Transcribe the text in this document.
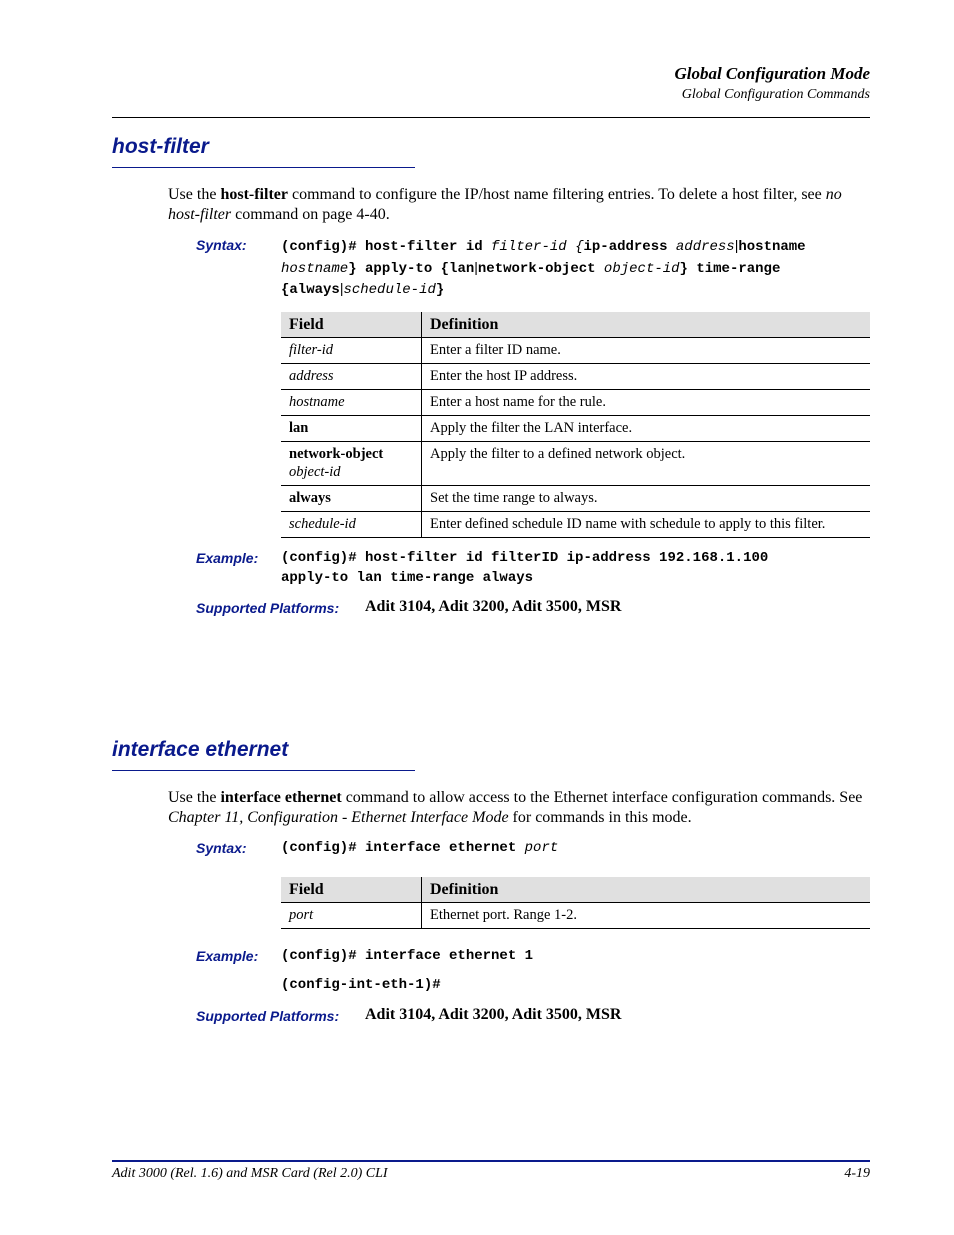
Global Configuration Mode
Global Configuration Commands
host-filter
Use the host-filter command to configure the IP/host name filtering entries. To delete a host filter, see no host-filter command on page 4-40.
Syntax: (config)# host-filter id filter-id {ip-address address|hostname
hostname} apply-to {lan|network-object object-id} time-range
{always|schedule-id}
Field	Definition
filter-id	Enter a filter ID name.
address	Enter the host IP address.
hostname	Enter a host name for the rule.
lan	Apply the filter the LAN interface.
network-object
object-id	Apply the filter to a defined network object.
always	Set the time range to always.
schedule-id	Enter defined schedule ID name with schedule to apply to this filter.
Example: (config)# host-filter id filterID ip-address 192.168.1.100
apply-to lan time-range always
Supported Platforms: Adit 3104, Adit 3200, Adit 3500, MSR
interface ethernet
Use the interface ethernet command to allow access to the Ethernet interface configuration commands. See Chapter 11, Configuration - Ethernet Interface Mode for commands in this mode.
Syntax: (config)# interface ethernet port
Field	Definition
port	Ethernet port. Range 1-2.
Example: (config)# interface ethernet 1
(config-int-eth-1)#
Supported Platforms: Adit 3104, Adit 3200, Adit 3500, MSR
Adit 3000 (Rel. 1.6) and MSR Card (Rel 2.0) CLI	4-19
